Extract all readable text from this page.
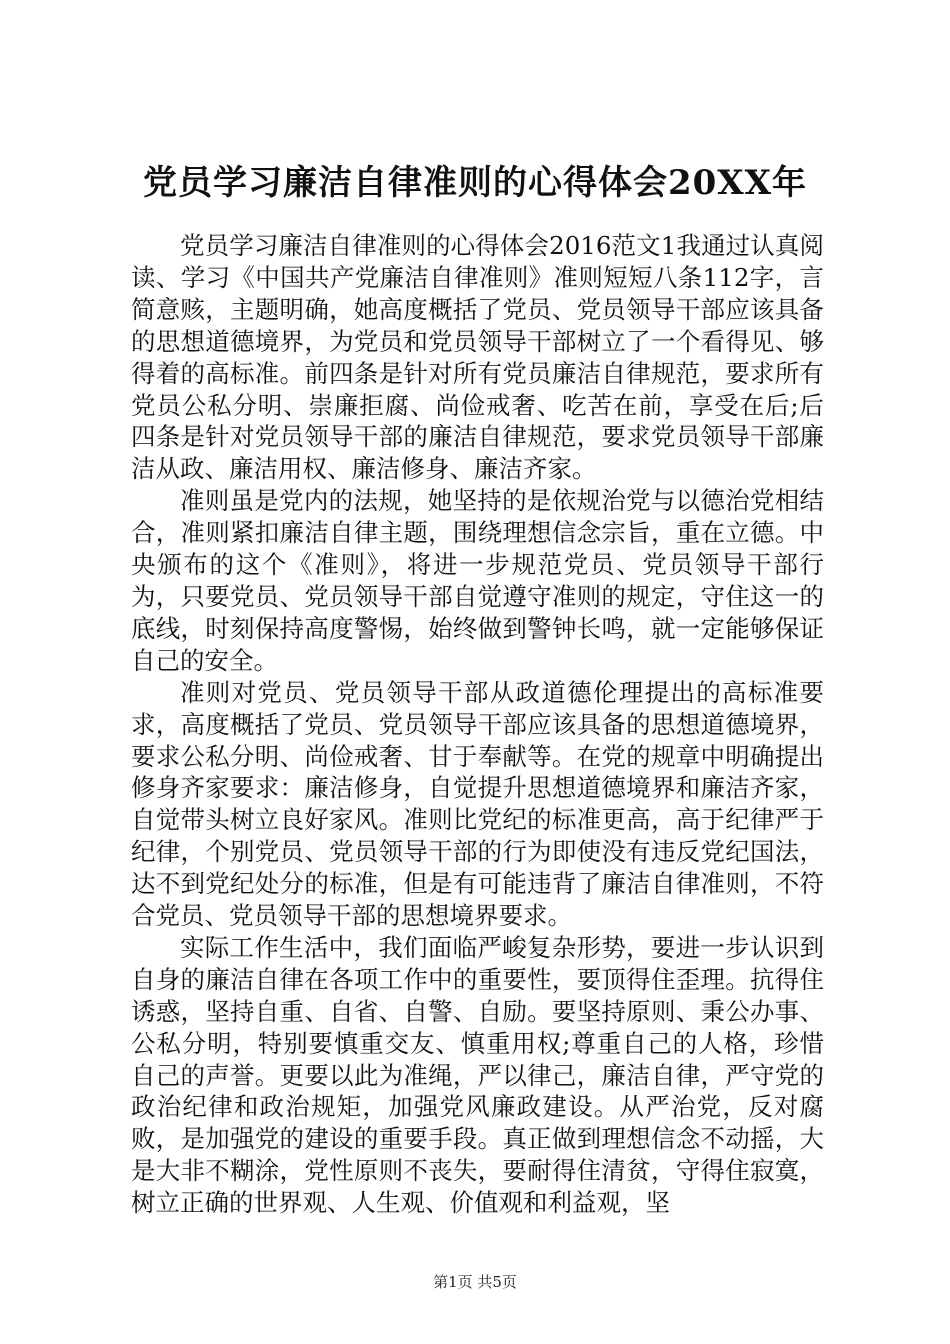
党员学习廉洁自律准则的心得体会20XX年

党员学习廉洁自律准则的心得体会2016范文1我通过认真阅读、学习《中国共产党廉洁自律准则》准则短短八条112字，言简意赅，主题明确，她高度概括了党员、党员领导干部应该具备的思想道德境界，为党员和党员领导干部树立了一个看得见、够得着的高标准。前四条是针对所有党员廉洁自律规范，要求所有党员公私分明、崇廉拒腐、尚俭戒奢、吃苦在前，享受在后;后四条是针对党员领导干部的廉洁自律规范，要求党员领导干部廉洁从政、廉洁用权、廉洁修身、廉洁齐家。

准则虽是党内的法规，她坚持的是依规治党与以德治党相结合，准则紧扣廉洁自律主题，围绕理想信念宗旨，重在立德。中央颁布的这个《准则》，将进一步规范党员、党员领导干部行为，只要党员、党员领导干部自觉遵守准则的规定，守住这一的底线，时刻保持高度警惕，始终做到警钟长鸣，就一定能够保证自己的安全。

准则对党员、党员领导干部从政道德伦理提出的高标准要求，高度概括了党员、党员领导干部应该具备的思想道德境界，要求公私分明、尚俭戒奢、甘于奉献等。在党的规章中明确提出修身齐家要求：廉洁修身，自觉提升思想道德境界和廉洁齐家，自觉带头树立良好家风。准则比党纪的标准更高，高于纪律严于纪律，个别党员、党员领导干部的行为即使没有违反党纪国法，达不到党纪处分的标准，但是有可能违背了廉洁自律准则，不符合党员、党员领导干部的思想境界要求。

实际工作生活中，我们面临严峻复杂形势，要进一步认识到自身的廉洁自律在各项工作中的重要性，要顶得住歪理。抗得住诱惑，坚持自重、自省、自警、自励。要坚持原则、秉公办事、公私分明，特别要慎重交友、慎重用权;尊重自己的人格，珍惜自己的声誉。更要以此为准绳，严以律己，廉洁自律，严守党的政治纪律和政治规矩，加强党风廉政建设。从严治党，反对腐败，是加强党的建设的重要手段。真正做到理想信念不动摇，大是大非不糊涂，党性原则不丧失，要耐得住清贫，守得住寂寞，树立正确的世界观、人生观、价值观和利益观，坚

第1页 共5页
